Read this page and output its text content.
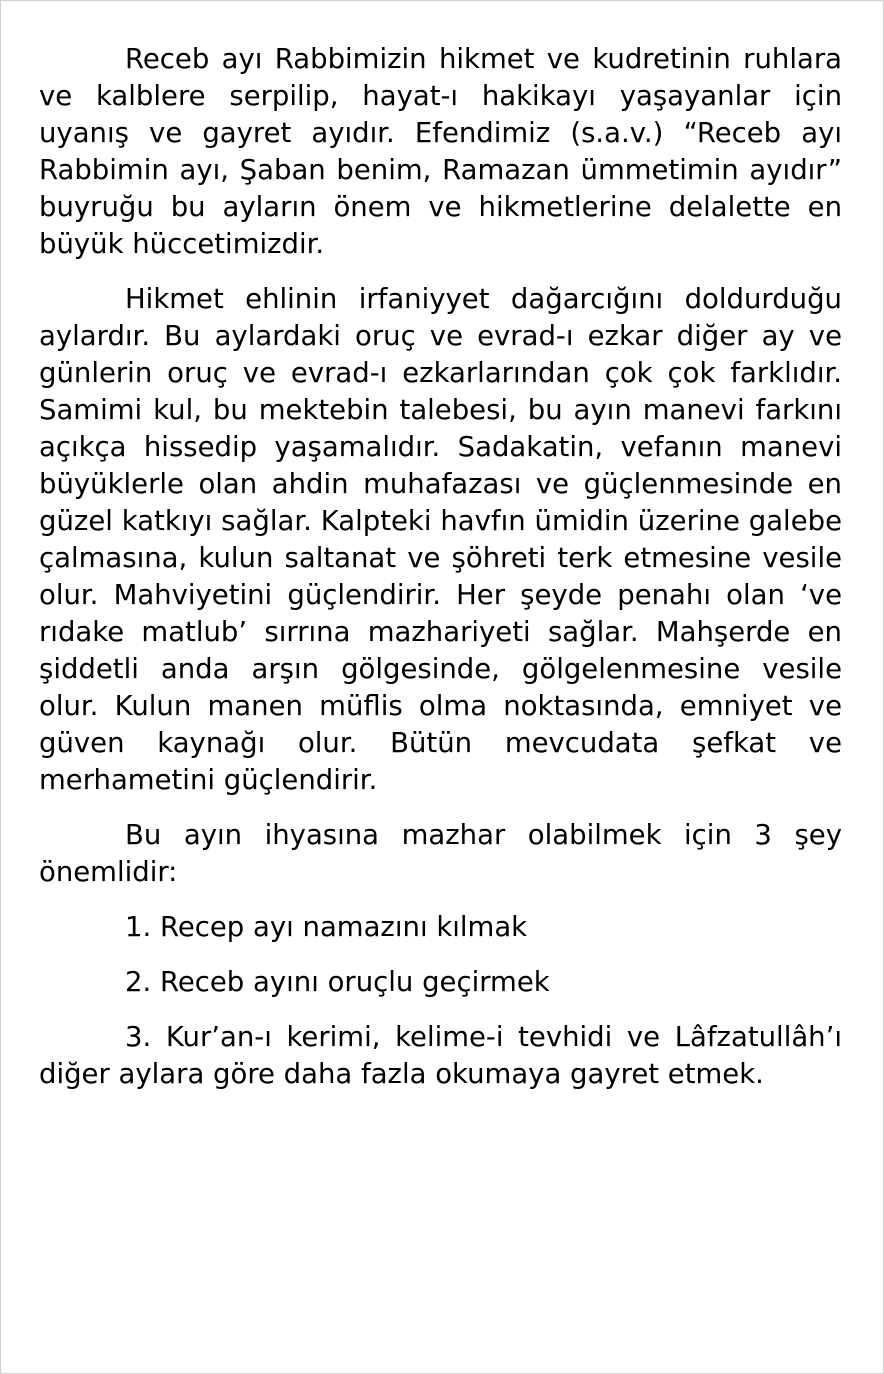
Receb ayı Rabbimizin hikmet ve kudretinin ruhlara ve kalblere serpilip, hayat-ı hakikayı yaşayanlar için uyanış ve gayret ayıdır. Efendimiz (s.a.v.) “Receb ayı Rabbimin ayı, Şaban benim, Ramazan ümmetimin ayıdır” buyruğu bu ayların önem ve hikmetlerine delalette en büyük hüccetimizdir.

Hikmet ehlinin irfaniyyet dağarcığını doldurduğu aylardır. Bu aylardaki oruç ve evrad-ı ezkar diğer ay ve günlerin oruç ve evrad-ı ezkarlarından çok çok farklıdır. Samimi kul, bu mektebin talebesi, bu ayın manevi farkını açıkça hissedip yaşamalıdır. Sadakatin, vefanın manevi büyüklerle olan ahdin muhafazası ve güçlenmesinde en güzel katkıyı sağlar. Kalpteki havfın ümidin üzerine galebe çalmasına, kulun saltanat ve şöhreti terk etmesine vesile olur. Mahviyetini güçlendirir. Her şeyde penahı olan ‘ve rıdake matlub’ sırrına mazhariyeti sağlar. Mahşerde en şiddetli anda arşın gölgesinde, gölgelenmesine vesile olur. Kulun manen müflis olma noktasında, emniyet ve güven kaynağı olur. Bütün mevcudata şefkat ve merhametini güçlendirir.

Bu ayın ihyasına mazhar olabilmek için 3 şey önemlidir:

1. Recep ayı namazını kılmak

2. Receb ayını oruçlu geçirmek

3. Kur’an-ı kerimi, kelime-i tevhidi ve Lâfzatullâh’ı diğer aylara göre daha fazla okumaya gayret etmek.
